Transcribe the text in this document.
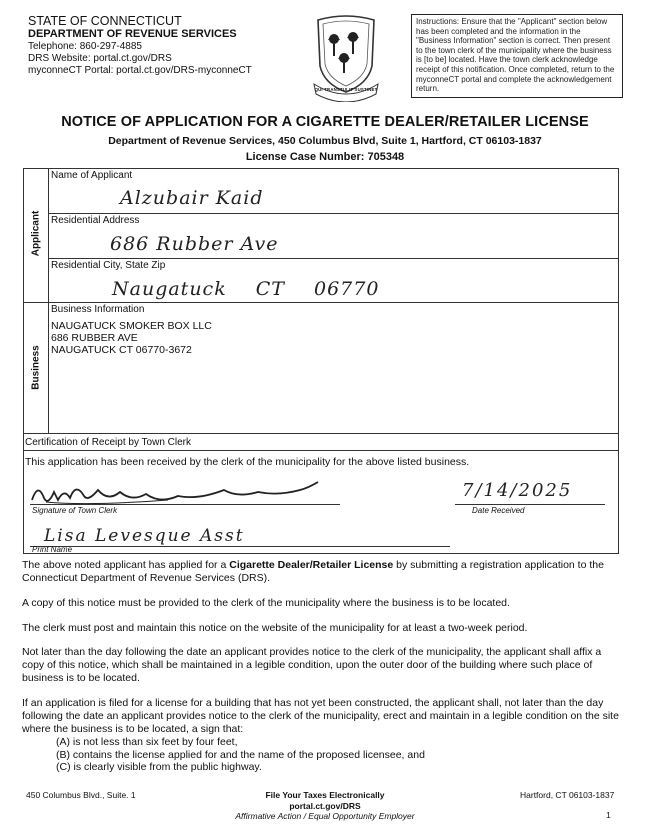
STATE OF CONNECTICUT
DEPARTMENT OF REVENUE SERVICES
Telephone: 860-297-4885
DRS Website: portal.ct.gov/DRS
myconneCT Portal: portal.ct.gov/DRS-myconneCT
QUI TRANSTULIT SUSTINET
Instructions: Ensure that the "Applicant" section below has been completed and the information in the "Business Information" section is correct. Then present to the town clerk of the municipality where the business is [to be] located. Have the town clerk acknowledge receipt of this notification. Once completed, return to the myconneCT portal and complete the acknowledgement return.
NOTICE OF APPLICATION FOR A CIGARETTE DEALER/RETAILER LICENSE
Department of Revenue Services, 450 Columbus Blvd, Suite 1, Hartford, CT 06103-1837
License Case Number: 705348
Applicant
Business
Name of Applicant
Alzubair Kaid
Residential Address
686 Rubber Ave
Residential City, State Zip
Naugatuck CT 06770
Business Information
NAUGATUCK SMOKER BOX LLC
686 RUBBER AVE
NAUGATUCK CT 06770-3672
Certification of Receipt by Town Clerk
This application has been received by the clerk of the municipality for the above listed business.
Signature of Town Clerk
7/14/2025
Date Received
Lisa Levesque Asst
Print Name
The above noted applicant has applied for a Cigarette Dealer/Retailer License by submitting a registration application to the Connecticut Department of Revenue Services (DRS).
A copy of this notice must be provided to the clerk of the municipality where the business is to be located.
The clerk must post and maintain this notice on the website of the municipality for at least a two-week period.
Not later than the day following the date an applicant provides notice to the clerk of the municipality, the applicant shall affix a copy of this notice, which shall be maintained in a legible condition, upon the outer door of the building where such place of business is to be located.
If an application is filed for a license for a building that has not yet been constructed, the applicant shall, not later than the day following the date an applicant provides notice to the clerk of the municipality, erect and maintain in a legible condition on the site where the business is to be located, a sign that:
(A) is not less than six feet by four feet,
(B) contains the license applied for and the name of the proposed licensee, and
(C) is clearly visible from the public highway.
450 Columbus Blvd., Suite. 1	File Your Taxes Electronically
portal.ct.gov/DRS
Affirmative Action / Equal Opportunity Employer
Hartford, CT 06103-1837
1
